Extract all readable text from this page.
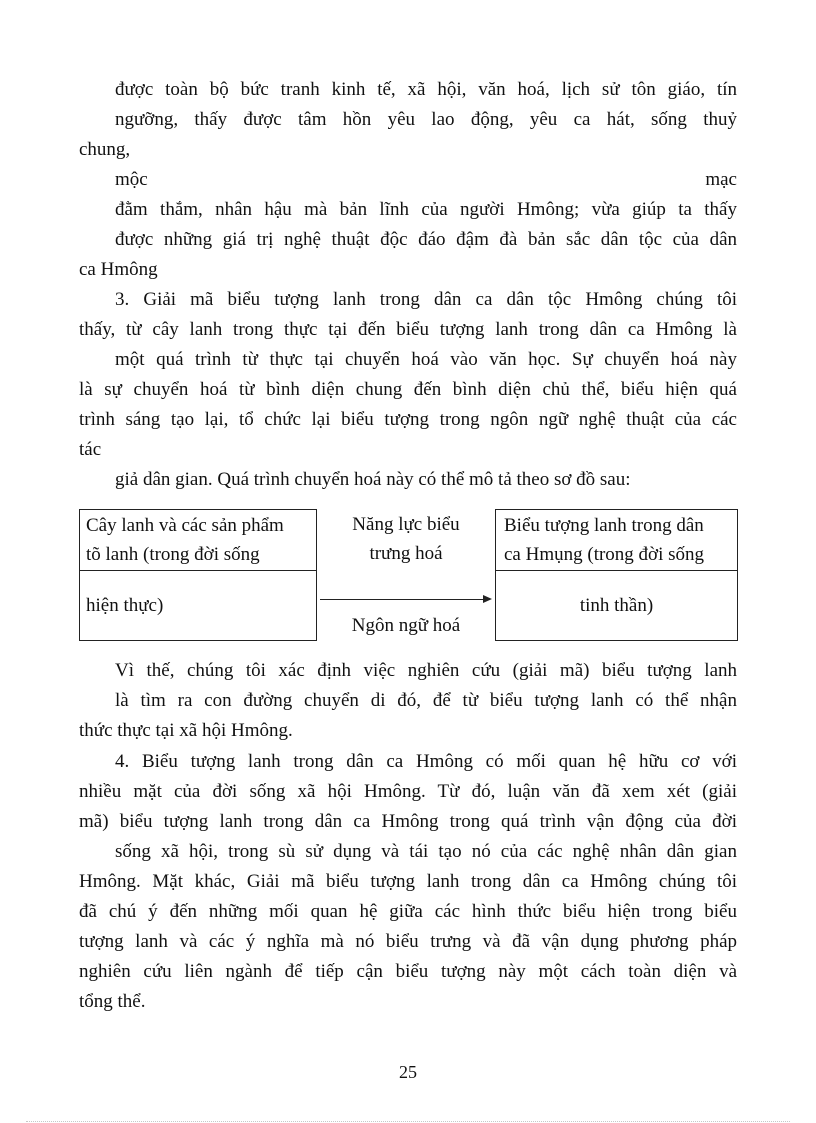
được toàn bộ bức tranh kinh tế, xã hội, văn hoá, lịch sử tôn giáo, tín
ngưỡng, thấy được tâm hồn yêu lao động, yêu ca hát, sống thuỷ
chung,
mộc	mạc
đằm thắm, nhân hậu mà bản lĩnh của người Hmông; vừa giúp ta thấy
được những giá trị nghệ thuật độc đáo đậm đà bản sắc dân tộc của dân
ca Hmông
3. Giải mã biểu tượng lanh trong dân ca dân tộc Hmông chúng tôi
thấy, từ cây lanh trong thực tại đến biểu tượng lanh trong dân ca Hmông là
một quá trình từ thực tại chuyển hoá vào văn học. Sự chuyển hoá này
là sự chuyển hoá từ bình diện chung đến bình diện chủ thể, biểu hiện quá
trình sáng tạo lại, tổ chức lại biểu tượng trong ngôn ngữ nghệ thuật của các
tác
giả dân gian. Quá trình chuyển hoá này có thể mô tả theo sơ đồ sau:
Cây lanh và các sản phẩm
tõ lanh (trong đời sống
hiện thực)
Năng lực biểu
trưng hoá
Ngôn ngữ hoá
Biểu tượng lanh trong dân
ca Hmụng (trong đời sống
tinh thần)
Vì thế, chúng tôi xác định việc nghiên cứu (giải mã) biểu tượng lanh
là tìm ra con đường chuyển di đó, để từ biểu tượng lanh có thể nhận
thức thực tại xã hội Hmông.
4. Biểu tượng lanh trong dân ca Hmông có mối quan hệ hữu cơ với
nhiều mặt của đời sống xã hội Hmông. Từ đó, luận văn đã xem xét (giải
mã) biểu tượng lanh trong dân ca Hmông trong quá trình vận động của đời
sống xã hội, trong sù sử dụng và tái tạo nó của các nghệ nhân dân gian
Hmông. Mặt khác, Giải mã biểu tượng lanh trong dân ca Hmông chúng tôi
đã chú ý đến những mối quan hệ giữa các hình thức biểu hiện trong biểu
tượng lanh và các ý nghĩa mà nó biểu trưng và đã vận dụng phương pháp
nghiên cứu liên ngành để tiếp cận biểu tượng này một cách toàn diện và
tổng thể.
25
